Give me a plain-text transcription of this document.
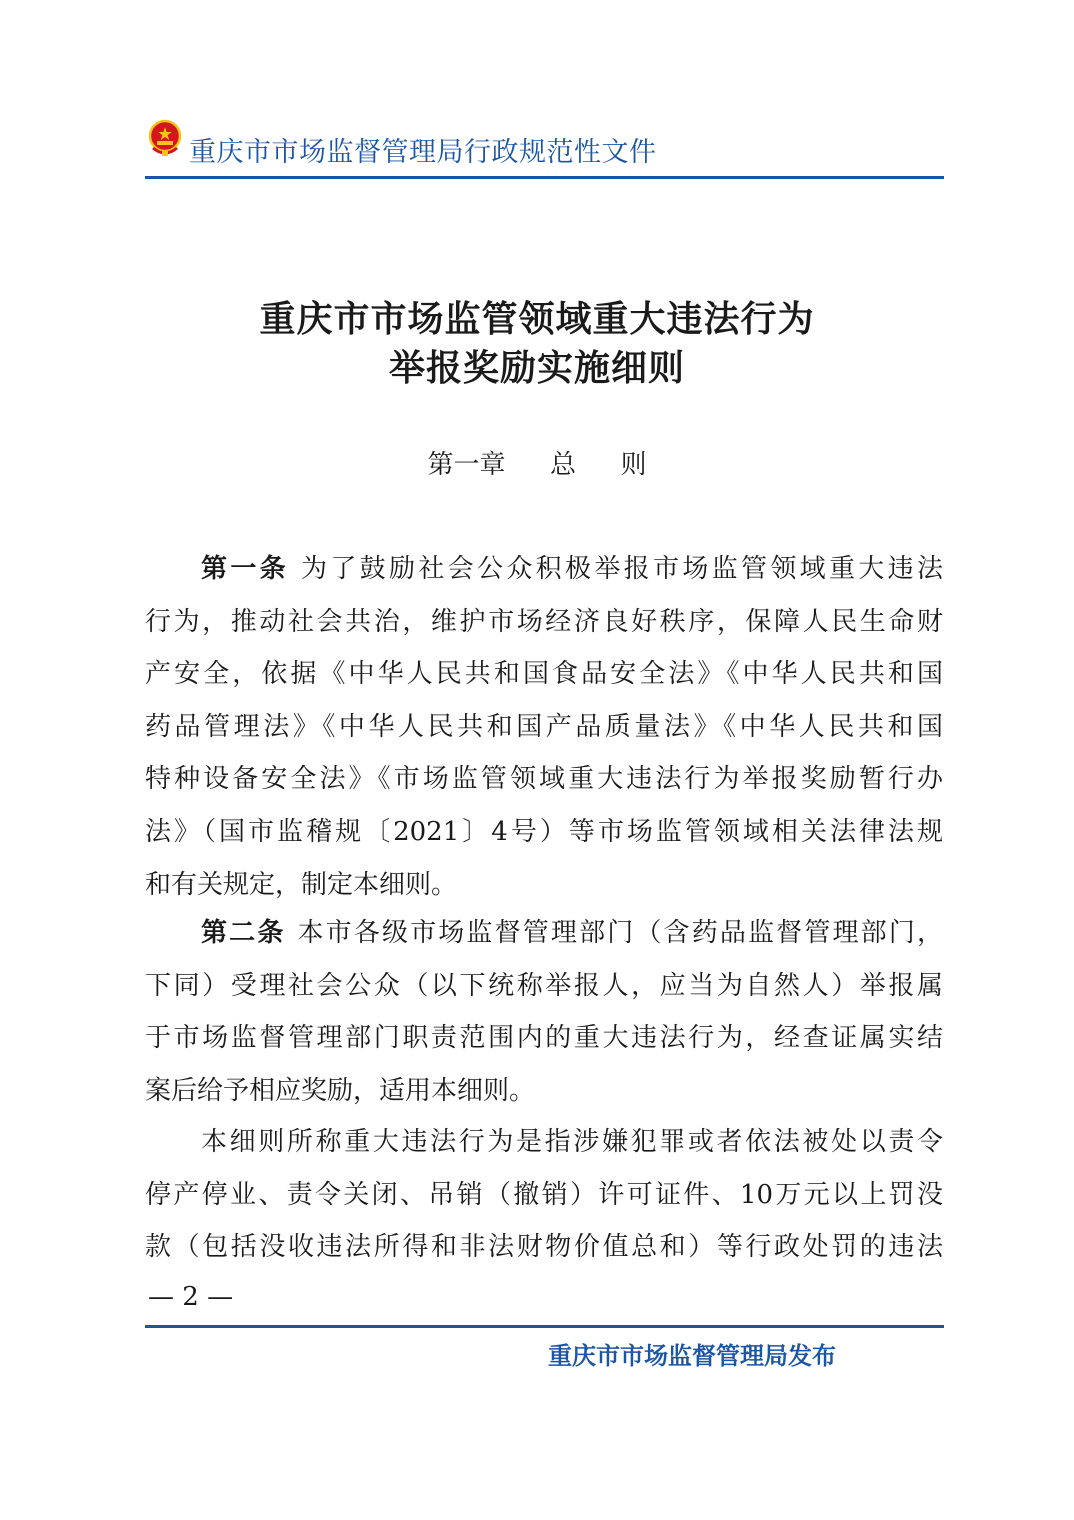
重庆市市场监督管理局行政规范性文件
重庆市市场监管领域重大违法行为
举报奖励实施细则
第一章  总  则
第一条 为了鼓励社会公众积极举报市场监管领域重大违法
行为，推动社会共治，维护市场经济良好秩序，保障人民生命财
产安全，依据《中华人民共和国食品安全法》《中华人民共和国
药品管理法》《中华人民共和国产品质量法》《中华人民共和国
特种设备安全法》《市场监管领域重大违法行为举报奖励暂行办
法》（国市监稽规〔2021〕4号）等市场监管领域相关法律法规
和有关规定，制定本细则。
第二条 本市各级市场监督管理部门（含药品监督管理部门，
下同）受理社会公众（以下统称举报人，应当为自然人）举报属
于市场监督管理部门职责范围内的重大违法行为，经查证属实结
案后给予相应奖励，适用本细则。
本细则所称重大违法行为是指涉嫌犯罪或者依法被处以责令
停产停业、责令关闭、吊销（撤销）许可证件、10万元以上罚没
款（包括没收违法所得和非法财物价值总和）等行政处罚的违法
— 2 —
重庆市市场监督管理局发布
